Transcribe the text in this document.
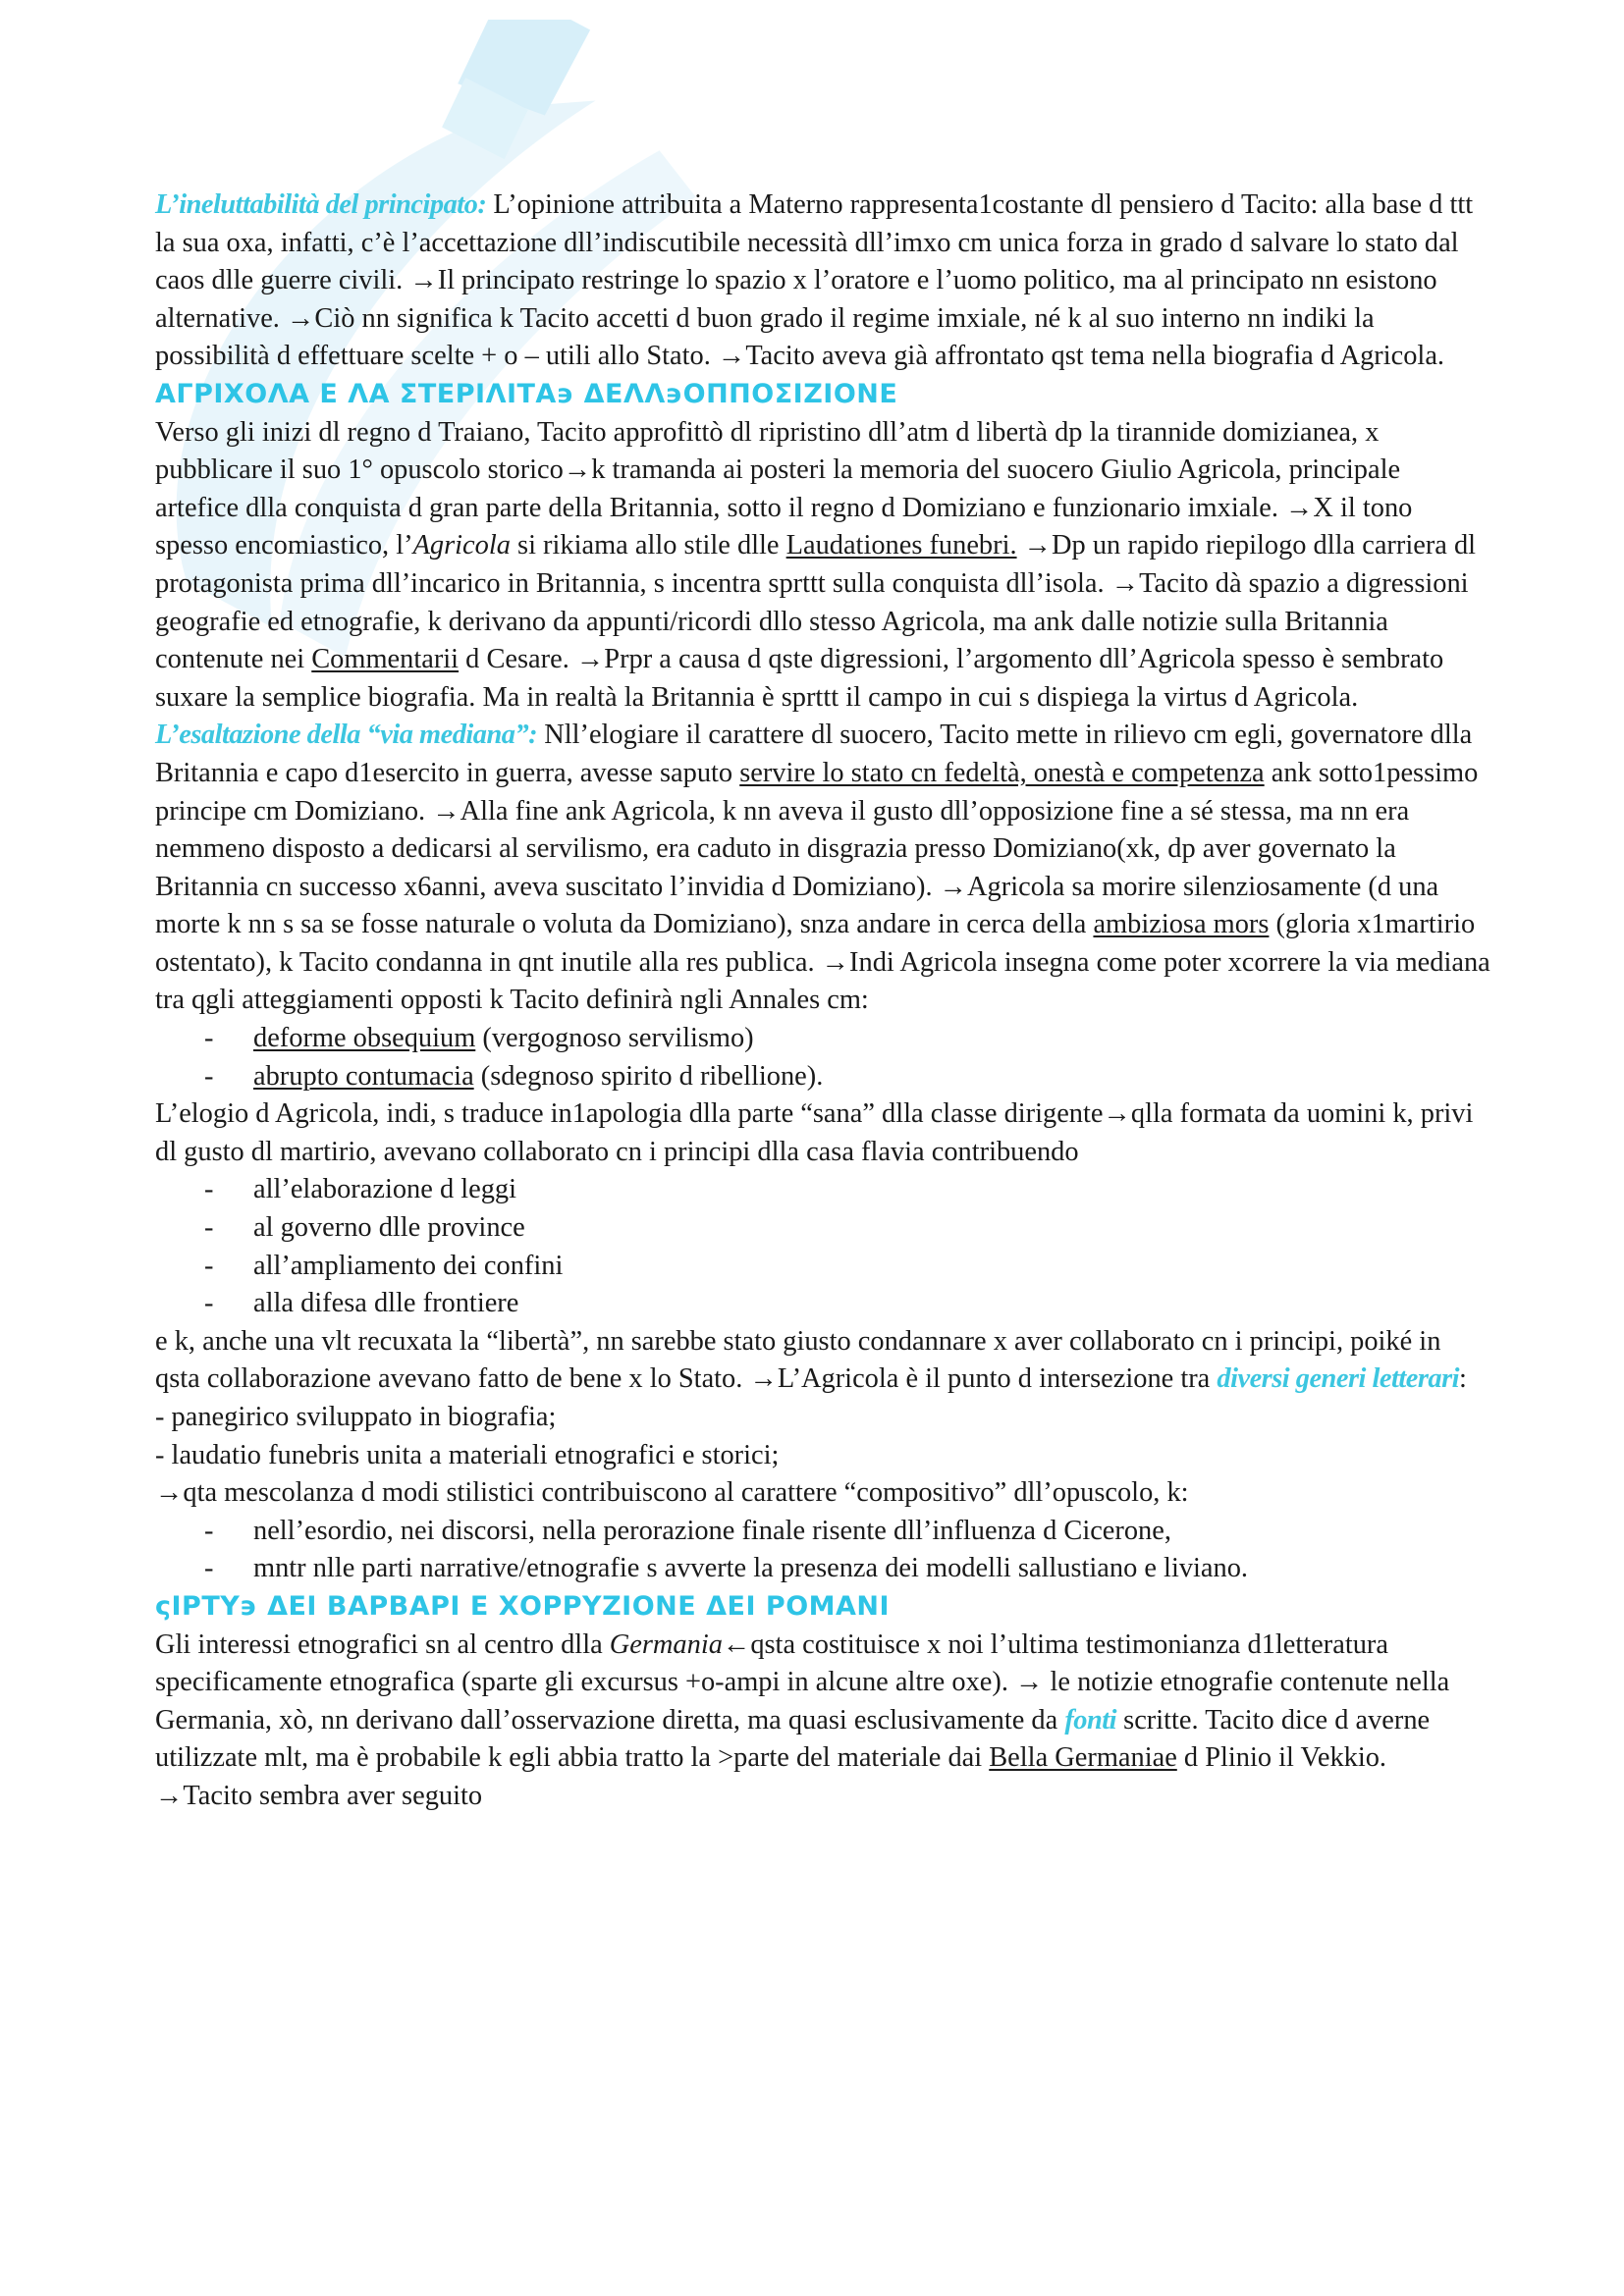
L’ineluttabilità del principato: L’opinione attribuita a Materno rappresenta1costante dl pensiero d Tacito: alla base d ttt la sua oxa, infatti, c’è l’accettazione dll’indiscutibile necessità dll’imxo cm unica forza in grado d salvare lo stato dal caos dlle guerre civili. →Il principato restringe lo spazio x l’oratore e l’uomo politico, ma al principato nn esistono alternative. →Ciò nn significa k Tacito accetti d buon grado il regime imxiale, né k al suo interno nn indiki la possibilità d effettuare scelte + o – utili allo Stato. →Tacito aveva già affrontato qst tema nella biografia d Agricola.

ΑΓΡΙΧΟΛΑ Ε ΛΑ ΣΤΕΡΙΛΙΤΑ϶ ΔΕΛΛ϶ΟΠΠΟΣΙΖΙΟΝΕ

Verso gli inizi dl regno d Traiano, Tacito approfittò dl ripristino dll’atm d libertà dp la tirannide domizianea, x pubblicare il suo 1° opuscolo storico→k tramanda ai posteri la memoria del suocero Giulio Agricola, principale artefice dlla conquista d gran parte della Britannia, sotto il regno d Domiziano e funzionario imxiale. →X il tono spesso encomiastico, l’Agricola si rikiama allo stile dlle Laudationes funebri. →Dp un rapido riepilogo dlla carriera dl protagonista prima dll’incarico in Britannia, s incentra sprttt sulla conquista dll’isola. →Tacito dà spazio a digressioni geografie ed etnografie, k derivano da appunti/ricordi dllo stesso Agricola, ma ank dalle notizie sulla Britannia contenute nei Commentarii d Cesare. →Prpr a causa d qste digressioni, l’argomento dll’Agricola spesso è sembrato suxare la semplice biografia. Ma in realtà la Britannia è sprttt il campo in cui s dispiega la virtus d Agricola.

L’esaltazione della “via mediana”: Nll’elogiare il carattere dl suocero, Tacito mette in rilievo cm egli, governatore dlla Britannia e capo d1esercito in guerra, avesse saputo servire lo stato cn fedeltà, onestà e competenza ank sotto1pessimo principe cm Domiziano. →Alla fine ank Agricola, k nn aveva il gusto dll’opposizione fine a sé stessa, ma nn era nemmeno disposto a dedicarsi al servilismo, era caduto in disgrazia presso Domiziano(xk, dp aver governato la Britannia cn successo x6anni, aveva suscitato l’invidia d Domiziano). →Agricola sa morire silenziosamente (d una morte k nn s sa se fosse naturale o voluta da Domiziano), snza andare in cerca della ambiziosa mors (gloria x1martirio ostentato), k Tacito condanna in qnt inutile alla res publica. →Indi Agricola insegna come poter xcorrere la via mediana tra qgli atteggiamenti opposti k Tacito definirà ngli Annales cm:

- deforme obsequium (vergognoso servilismo)
- abrupto contumacia (sdegnoso spirito d ribellione).

L’elogio d Agricola, indi, s traduce in1apologia dlla parte “sana” dlla classe dirigente→qlla formata da uomini k, privi dl gusto dl martirio, avevano collaborato cn i principi dlla casa flavia contribuendo

- all’elaborazione d leggi
- al governo dlle province
- all’ampliamento dei confini
- alla difesa dlle frontiere

e k, anche una vlt recuxata la “libertà”, nn sarebbe stato giusto condannare x aver collaborato cn i principi, poiké in qsta collaborazione avevano fatto de bene x lo Stato. →L’Agricola è il punto d intersezione tra diversi generi letterari:

- panegirico sviluppato in biografia;

- laudatio funebris unita a materiali etnografici e storici;

→qta mescolanza d modi stilistici contribuiscono al carattere “compositivo” dll’opuscolo, k:

- nell’esordio, nei discorsi, nella perorazione finale risente dll’influenza d Cicerone,
- mntr nlle parti narrative/etnografie s avverte la presenza dei modelli sallustiano e liviano.
ςΙΡΤΥ϶ ΔΕΙ ΒΑΡΒΑΡΙ Ε ΧΟΡΡΥΖΙΟΝΕ ΔΕΙ ΡΟΜΑΝΙ

Gli interessi etnografici sn al centro dlla Germania←qsta costituisce x noi l’ultima testimonianza d1letteratura specificamente etnografica (sparte gli excursus +o-ampi in alcune altre oxe). → le notizie etnografie contenute nella Germania, xò, nn derivano dall’osservazione diretta, ma quasi esclusivamente da fonti scritte. Tacito dice d averne utilizzate mlt, ma è probabile k egli abbia tratto la >parte del materiale dai Bella Germaniae d Plinio il Vekkio. →Tacito sembra aver seguito
